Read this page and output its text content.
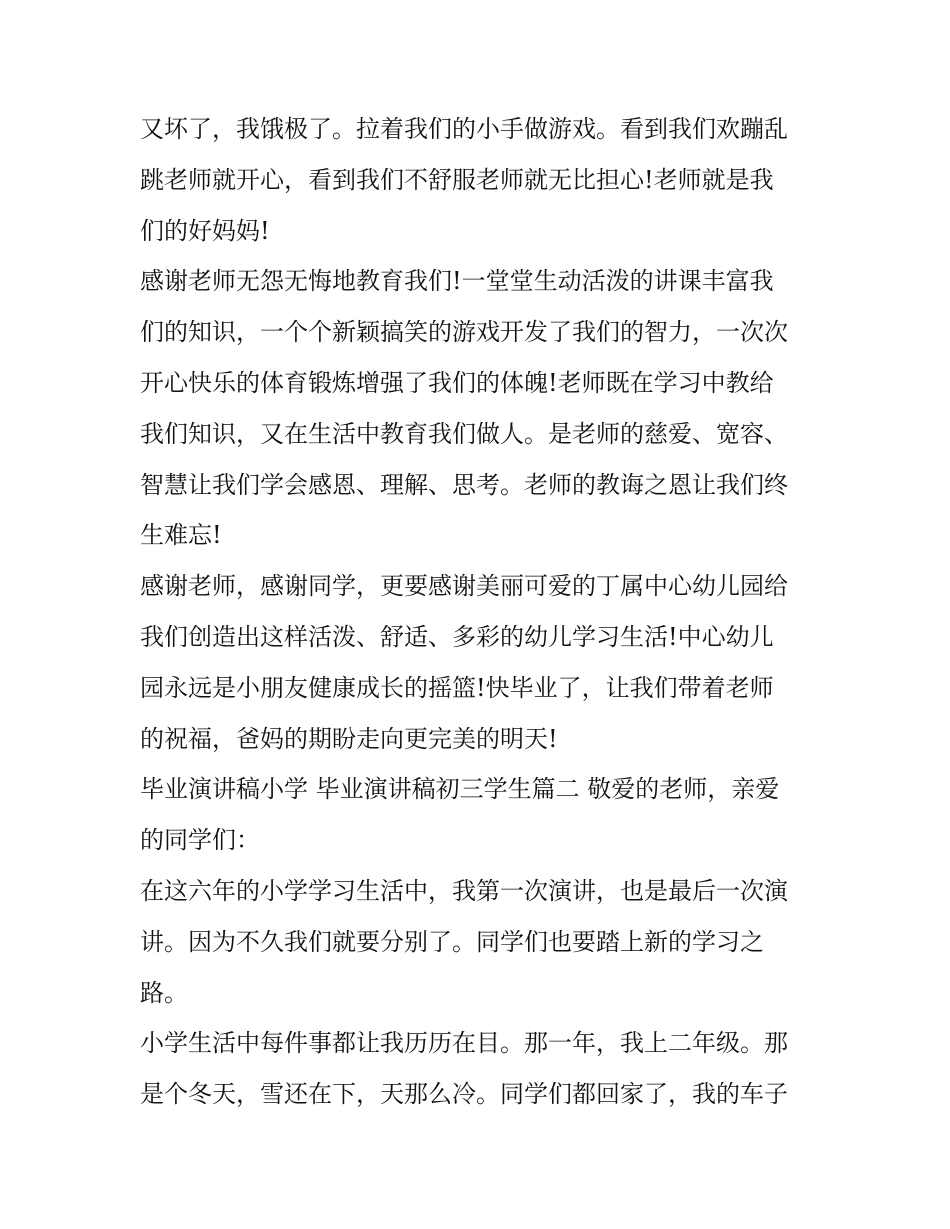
又坏了，我饿极了。拉着我们的小手做游戏。看到我们欢蹦乱
跳老师就开心，看到我们不舒服老师就无比担心!老师就是我
们的好妈妈!
感谢老师无怨无悔地教育我们!一堂堂生动活泼的讲课丰富我
们的知识，一个个新颖搞笑的游戏开发了我们的智力，一次次
开心快乐的体育锻炼增强了我们的体魄!老师既在学习中教给
我们知识，又在生活中教育我们做人。是老师的慈爱、宽容、
智慧让我们学会感恩、理解、思考。老师的教诲之恩让我们终
生难忘!
感谢老师，感谢同学，更要感谢美丽可爱的丁属中心幼儿园给
我们创造出这样活泼、舒适、多彩的幼儿学习生活!中心幼儿
园永远是小朋友健康成长的摇篮!快毕业了，让我们带着老师
的祝福，爸妈的期盼走向更完美的明天!
毕业演讲稿小学 毕业演讲稿初三学生篇二 敬爱的老师，亲爱
的同学们：
在这六年的小学学习生活中，我第一次演讲，也是最后一次演
讲。因为不久我们就要分别了。同学们也要踏上新的学习之
路。
小学生活中每件事都让我历历在目。那一年，我上二年级。那
是个冬天，雪还在下，天那么冷。同学们都回家了，我的车子
